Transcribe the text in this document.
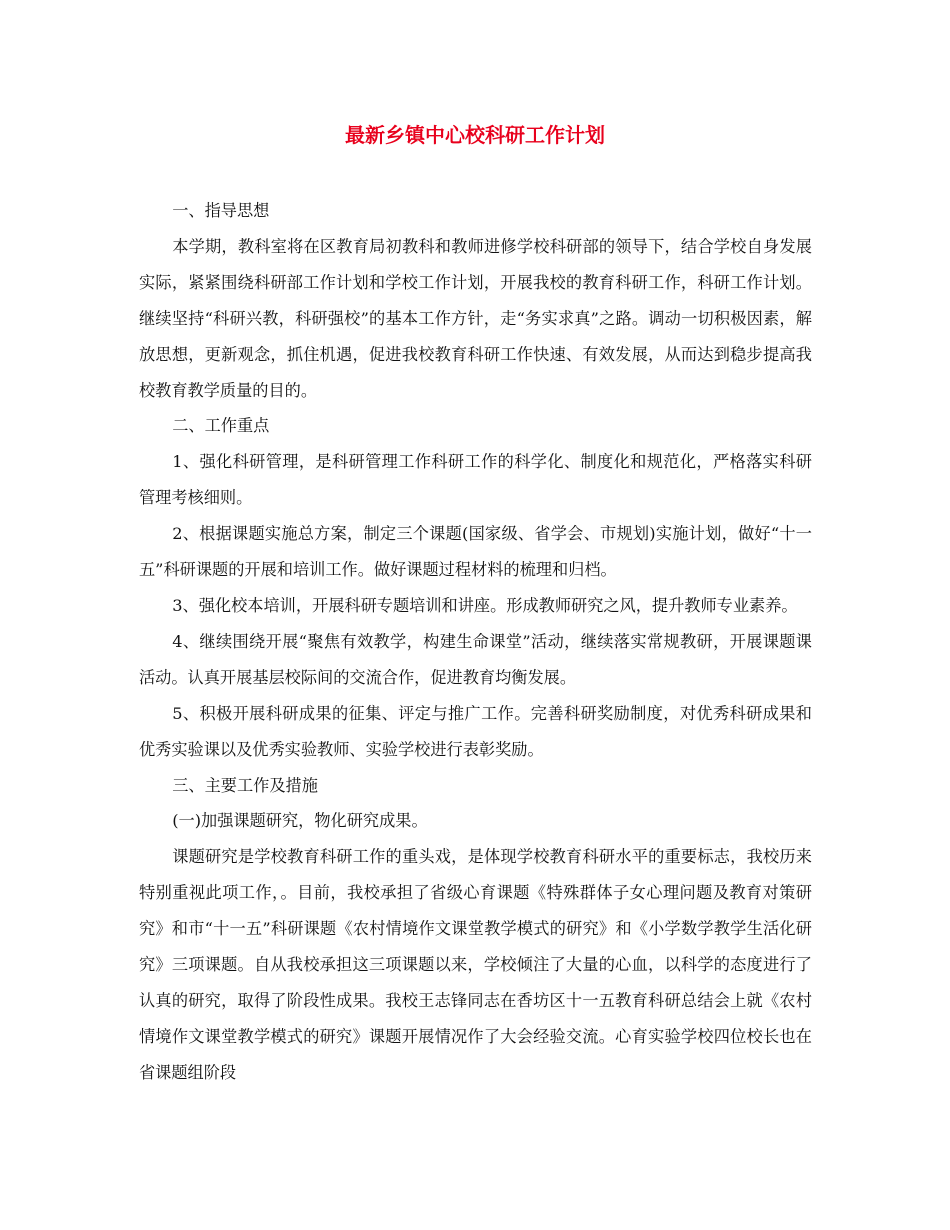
最新乡镇中心校科研工作计划

一、指导思想

本学期，教科室将在区教育局初教科和教师进修学校科研部的领导下，结合学校自身发展实际，紧紧围绕科研部工作计划和学校工作计划，开展我校的教育科研工作，科研工作计划。继续坚持“科研兴教，科研强校”的基本工作方针，走“务实求真”之路。调动一切积极因素，解放思想，更新观念，抓住机遇，促进我校教育科研工作快速、有效发展，从而达到稳步提高我校教育教学质量的目的。

二、工作重点

1、强化科研管理，是科研管理工作科研工作的科学化、制度化和规范化，严格落实科研管理考核细则。

2、根据课题实施总方案，制定三个课题(国家级、省学会、市规划)实施计划，做好“十一五”科研课题的开展和培训工作。做好课题过程材料的梳理和归档。

3、强化校本培训，开展科研专题培训和讲座。形成教师研究之风，提升教师专业素养。

4、继续围绕开展“聚焦有效教学，构建生命课堂”活动，继续落实常规教研，开展课题课活动。认真开展基层校际间的交流合作，促进教育均衡发展。

5、积极开展科研成果的征集、评定与推广工作。完善科研奖励制度，对优秀科研成果和优秀实验课以及优秀实验教师、实验学校进行表彰奖励。

三、主要工作及措施

(一)加强课题研究，物化研究成果。

课题研究是学校教育科研工作的重头戏，是体现学校教育科研水平的重要标志，我校历来特别重视此项工作，。目前，我校承担了省级心育课题《特殊群体子女心理问题及教育对策研究》和市“十一五”科研课题《农村情境作文课堂教学模式的研究》和《小学数学教学生活化研究》三项课题。自从我校承担这三项课题以来，学校倾注了大量的心血，以科学的态度进行了认真的研究，取得了阶段性成果。我校王志锋同志在香坊区十一五教育科研总结会上就《农村情境作文课堂教学模式的研究》课题开展情况作了大会经验交流。心育实验学校四位校长也在省课题组阶段
